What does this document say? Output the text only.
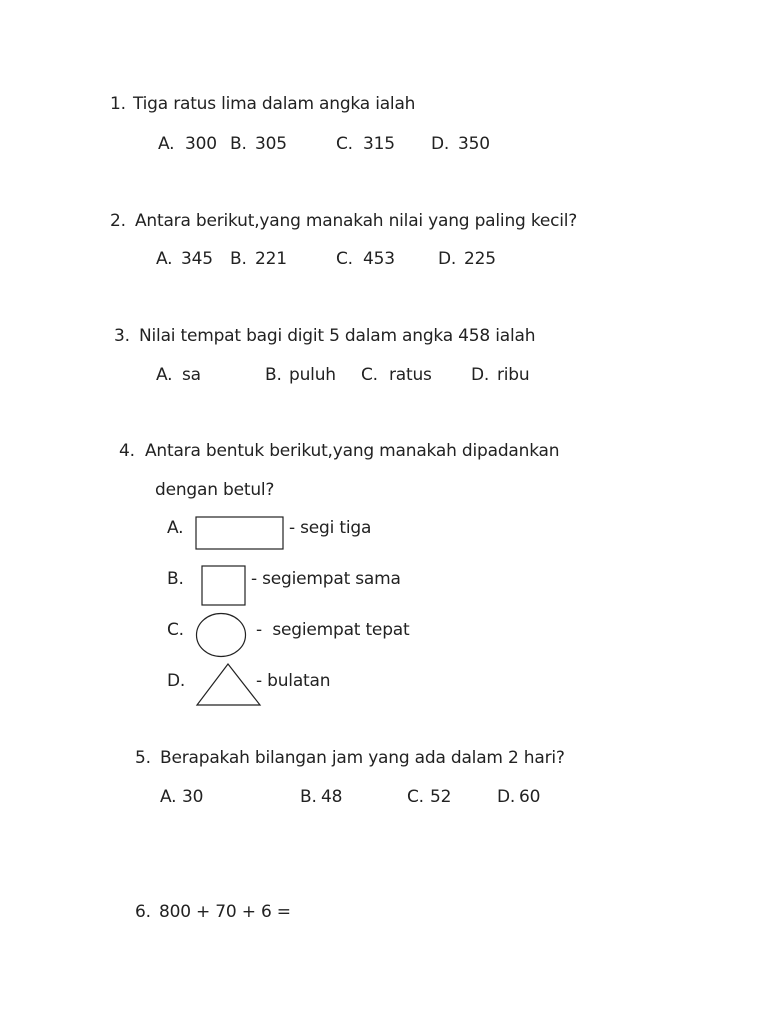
1. Tiga ratus lima dalam angka ialah
A. 300 B. 305	C. 315 D. 350
2. Antara berikut,yang manakah nilai yang paling kecil?
A. 345 B. 221	C. 453	D. 225
3. Nilai tempat bagi digit 5 dalam angka 458 ialah
A. sa	B. puluh C. ratus D. ribu
4. Antara bentuk berikut,yang manakah dipadankan
dengan betul?
A.	- segi tiga
B.	- segiempat sama
C.	-  segiempat tepat
D.	- bulatan
5. Berapakah bilangan jam yang ada dalam 2 hari?
A. 30	B. 48	C. 52	D. 60
6. 800 + 70 + 6 =
